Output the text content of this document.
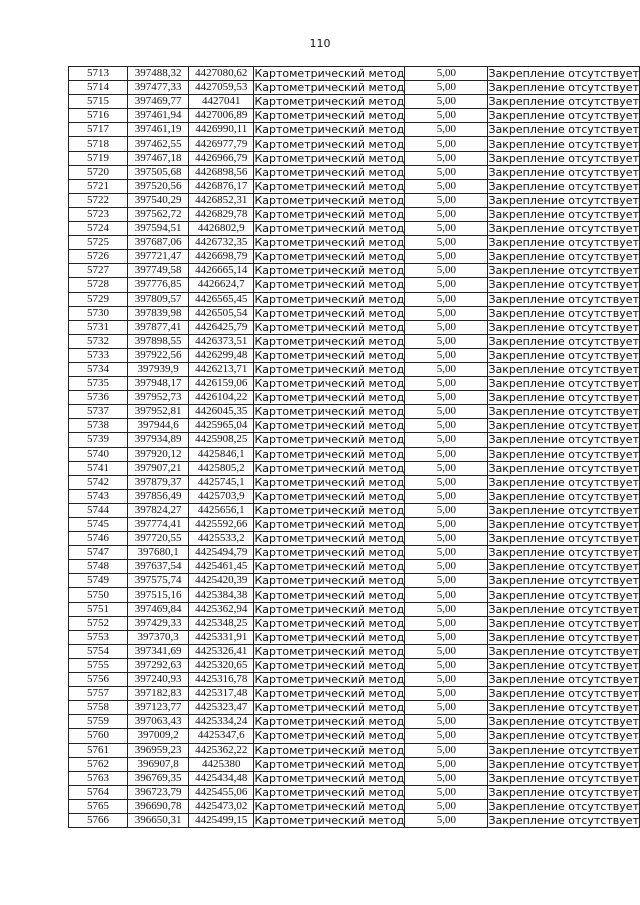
110
5713	397488,32	4427080,62	Картометрический метод	5,00	Закрепление отсутствует
5714	397477,33	4427059,53	Картометрический метод	5,00	Закрепление отсутствует
5715	397469,77	4427041	Картометрический метод	5,00	Закрепление отсутствует
5716	397461,94	4427006,89	Картометрический метод	5,00	Закрепление отсутствует
5717	397461,19	4426990,11	Картометрический метод	5,00	Закрепление отсутствует
5718	397462,55	4426977,79	Картометрический метод	5,00	Закрепление отсутствует
5719	397467,18	4426966,79	Картометрический метод	5,00	Закрепление отсутствует
5720	397505,68	4426898,56	Картометрический метод	5,00	Закрепление отсутствует
5721	397520,56	4426876,17	Картометрический метод	5,00	Закрепление отсутствует
5722	397540,29	4426852,31	Картометрический метод	5,00	Закрепление отсутствует
5723	397562,72	4426829,78	Картометрический метод	5,00	Закрепление отсутствует
5724	397594,51	4426802,9	Картометрический метод	5,00	Закрепление отсутствует
5725	397687,06	4426732,35	Картометрический метод	5,00	Закрепление отсутствует
5726	397721,47	4426698,79	Картометрический метод	5,00	Закрепление отсутствует
5727	397749,58	4426665,14	Картометрический метод	5,00	Закрепление отсутствует
5728	397776,85	4426624,7	Картометрический метод	5,00	Закрепление отсутствует
5729	397809,57	4426565,45	Картометрический метод	5,00	Закрепление отсутствует
5730	397839,98	4426505,54	Картометрический метод	5,00	Закрепление отсутствует
5731	397877,41	4426425,79	Картометрический метод	5,00	Закрепление отсутствует
5732	397898,55	4426373,51	Картометрический метод	5,00	Закрепление отсутствует
5733	397922,56	4426299,48	Картометрический метод	5,00	Закрепление отсутствует
5734	397939,9	4426213,71	Картометрический метод	5,00	Закрепление отсутствует
5735	397948,17	4426159,06	Картометрический метод	5,00	Закрепление отсутствует
5736	397952,73	4426104,22	Картометрический метод	5,00	Закрепление отсутствует
5737	397952,81	4426045,35	Картометрический метод	5,00	Закрепление отсутствует
5738	397944,6	4425965,04	Картометрический метод	5,00	Закрепление отсутствует
5739	397934,89	4425908,25	Картометрический метод	5,00	Закрепление отсутствует
5740	397920,12	4425846,1	Картометрический метод	5,00	Закрепление отсутствует
5741	397907,21	4425805,2	Картометрический метод	5,00	Закрепление отсутствует
5742	397879,37	4425745,1	Картометрический метод	5,00	Закрепление отсутствует
5743	397856,49	4425703,9	Картометрический метод	5,00	Закрепление отсутствует
5744	397824,27	4425656,1	Картометрический метод	5,00	Закрепление отсутствует
5745	397774,41	4425592,66	Картометрический метод	5,00	Закрепление отсутствует
5746	397720,55	4425533,2	Картометрический метод	5,00	Закрепление отсутствует
5747	397680,1	4425494,79	Картометрический метод	5,00	Закрепление отсутствует
5748	397637,54	4425461,45	Картометрический метод	5,00	Закрепление отсутствует
5749	397575,74	4425420,39	Картометрический метод	5,00	Закрепление отсутствует
5750	397515,16	4425384,38	Картометрический метод	5,00	Закрепление отсутствует
5751	397469,84	4425362,94	Картометрический метод	5,00	Закрепление отсутствует
5752	397429,33	4425348,25	Картометрический метод	5,00	Закрепление отсутствует
5753	397370,3	4425331,91	Картометрический метод	5,00	Закрепление отсутствует
5754	397341,69	4425326,41	Картометрический метод	5,00	Закрепление отсутствует
5755	397292,63	4425320,65	Картометрический метод	5,00	Закрепление отсутствует
5756	397240,93	4425316,78	Картометрический метод	5,00	Закрепление отсутствует
5757	397182,83	4425317,48	Картометрический метод	5,00	Закрепление отсутствует
5758	397123,77	4425323,47	Картометрический метод	5,00	Закрепление отсутствует
5759	397063,43	4425334,24	Картометрический метод	5,00	Закрепление отсутствует
5760	397009,2	4425347,6	Картометрический метод	5,00	Закрепление отсутствует
5761	396959,23	4425362,22	Картометрический метод	5,00	Закрепление отсутствует
5762	396907,8	4425380	Картометрический метод	5,00	Закрепление отсутствует
5763	396769,35	4425434,48	Картометрический метод	5,00	Закрепление отсутствует
5764	396723,79	4425455,06	Картометрический метод	5,00	Закрепление отсутствует
5765	396690,78	4425473,02	Картометрический метод	5,00	Закрепление отсутствует
5766	396650,31	4425499,15	Картометрический метод	5,00	Закрепление отсутствует
